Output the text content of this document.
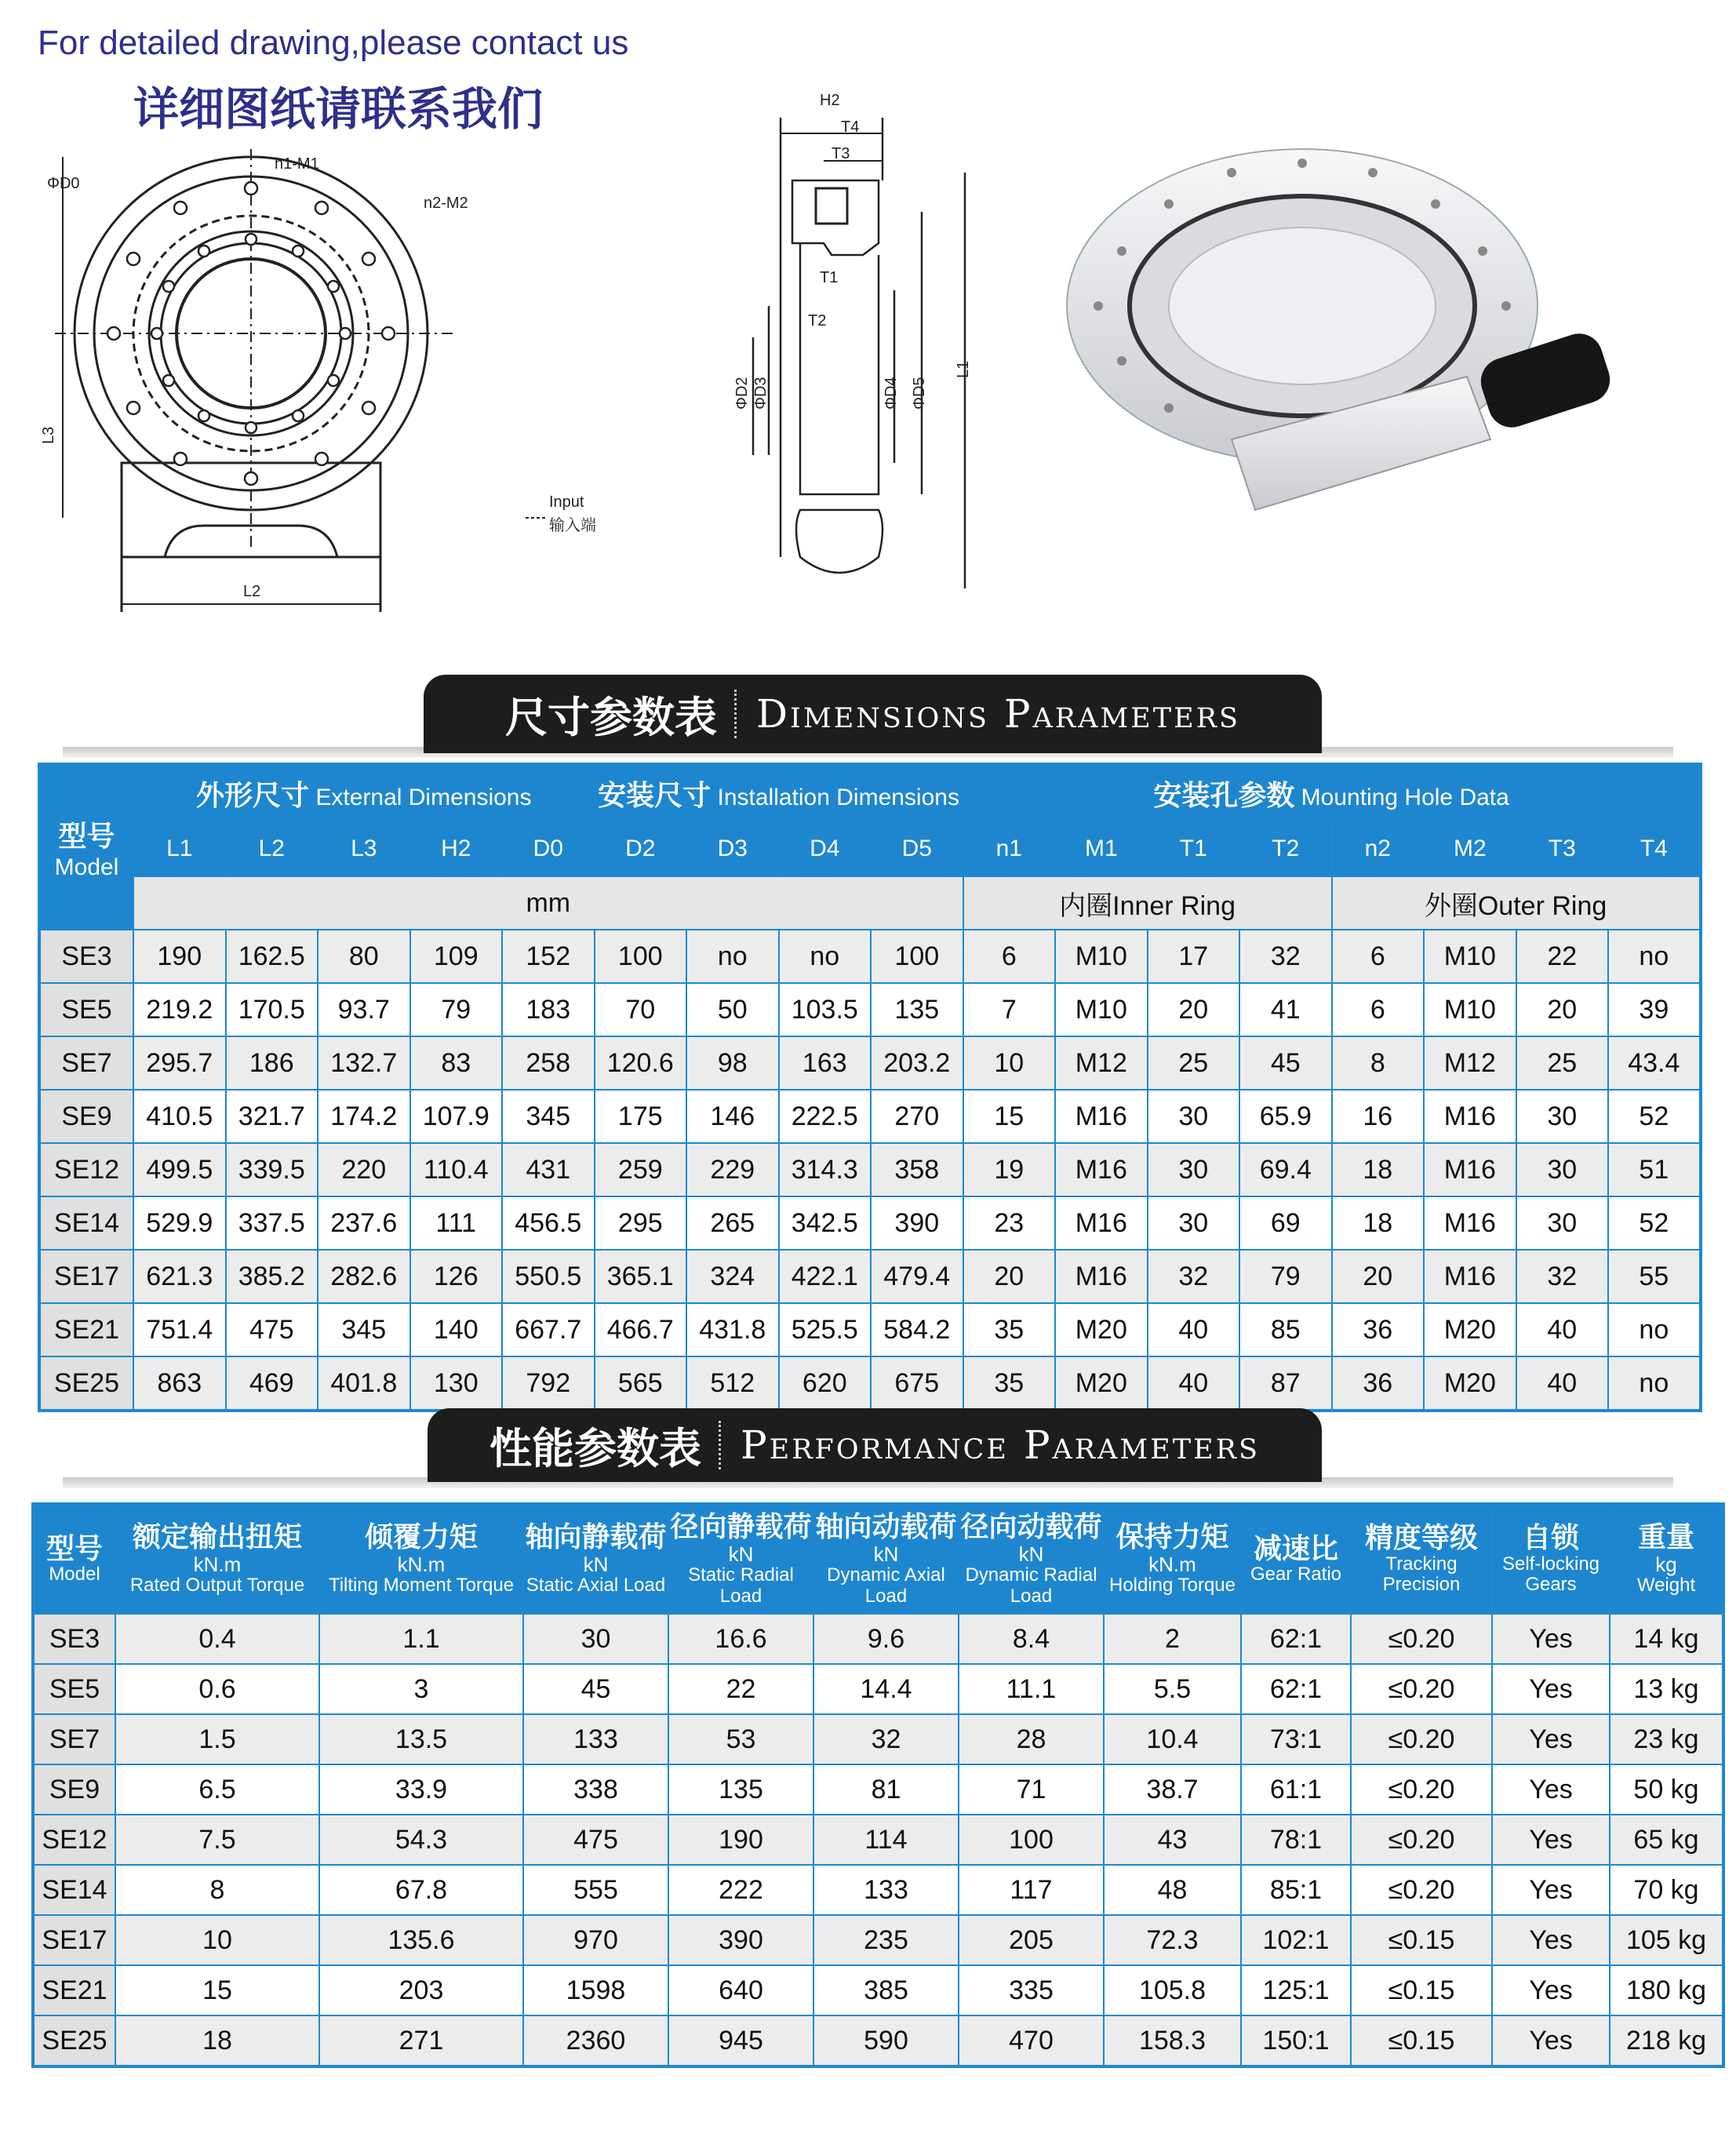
For detailed drawing,please contact us
详细图纸请联系我们
ΦD0
n1-M1
n2-M2
L3
L2
Input
输入端
H2
T4
T3
T1
T2
ΦD2 ΦD3	ΦD4 ΦD5
L1
尺寸参数表 Dimensions Parameters
型号
Model	外形尺寸 External Dimensions					安装尺寸 Installation Dimensions				安装孔参数 Mounting Hole Data							
	L1	L2	L3	H2	D0	D2	D3	D4	D5	n1	M1	T1	T2	n2	M2	T3	T4
	mm									内圈Inner Ring				外圈Outer Ring			
SE3	190	162.5	80	109	152	100	no	no	100	6	M10	17	32	6	M10	22	no
SE5	219.2	170.5	93.7	79	183	70	50	103.5	135	7	M10	20	41	6	M10	20	39
SE7	295.7	186	132.7	83	258	120.6	98	163	203.2	10	M12	25	45	8	M12	25	43.4
SE9	410.5	321.7	174.2	107.9	345	175	146	222.5	270	15	M16	30	65.9	16	M16	30	52
SE12	499.5	339.5	220	110.4	431	259	229	314.3	358	19	M16	30	69.4	18	M16	30	51
SE14	529.9	337.5	237.6	111	456.5	295	265	342.5	390	23	M16	30	69	18	M16	30	52
SE17	621.3	385.2	282.6	126	550.5	365.1	324	422.1	479.4	20	M16	32	79	20	M16	32	55
SE21	751.4	475	345	140	667.7	466.7	431.8	525.5	584.2	35	M20	40	85	36	M20	40	no
SE25	863	469	401.8	130	792	565	512	620	675	35	M20	40	87	36	M20	40	no
性能参数表 Performance Parameters
型号
Model	额定输出扭矩
kN.m
Rated Output Torque	倾覆力矩
kN.m
Tilting Moment Torque	轴向静载荷
kN
Static Axial Load	径向静载荷
kN
Static Radial Load	轴向动载荷
kN
Dynamic Axial Load	径向动载荷
kN
Dynamic Radial Load	保持力矩
kN.m
Holding Torque	减速比
Gear Ratio	精度等级
Tracking Precision	自锁
Self-locking Gears	重量
kg
Weight
SE3	0.4	1.1	30	16.6	9.6	8.4	2	62:1	≤0.20	Yes	14 kg
SE5	0.6	3	45	22	14.4	11.1	5.5	62:1	≤0.20	Yes	13 kg
SE7	1.5	13.5	133	53	32	28	10.4	73:1	≤0.20	Yes	23 kg
SE9	6.5	33.9	338	135	81	71	38.7	61:1	≤0.20	Yes	50 kg
SE12	7.5	54.3	475	190	114	100	43	78:1	≤0.20	Yes	65 kg
SE14	8	67.8	555	222	133	117	48	85:1	≤0.20	Yes	70 kg
SE17	10	135.6	970	390	235	205	72.3	102:1	≤0.15	Yes	105 kg
SE21	15	203	1598	640	385	335	105.8	125:1	≤0.15	Yes	180 kg
SE25	18	271	2360	945	590	470	158.3	150:1	≤0.15	Yes	218 kg
